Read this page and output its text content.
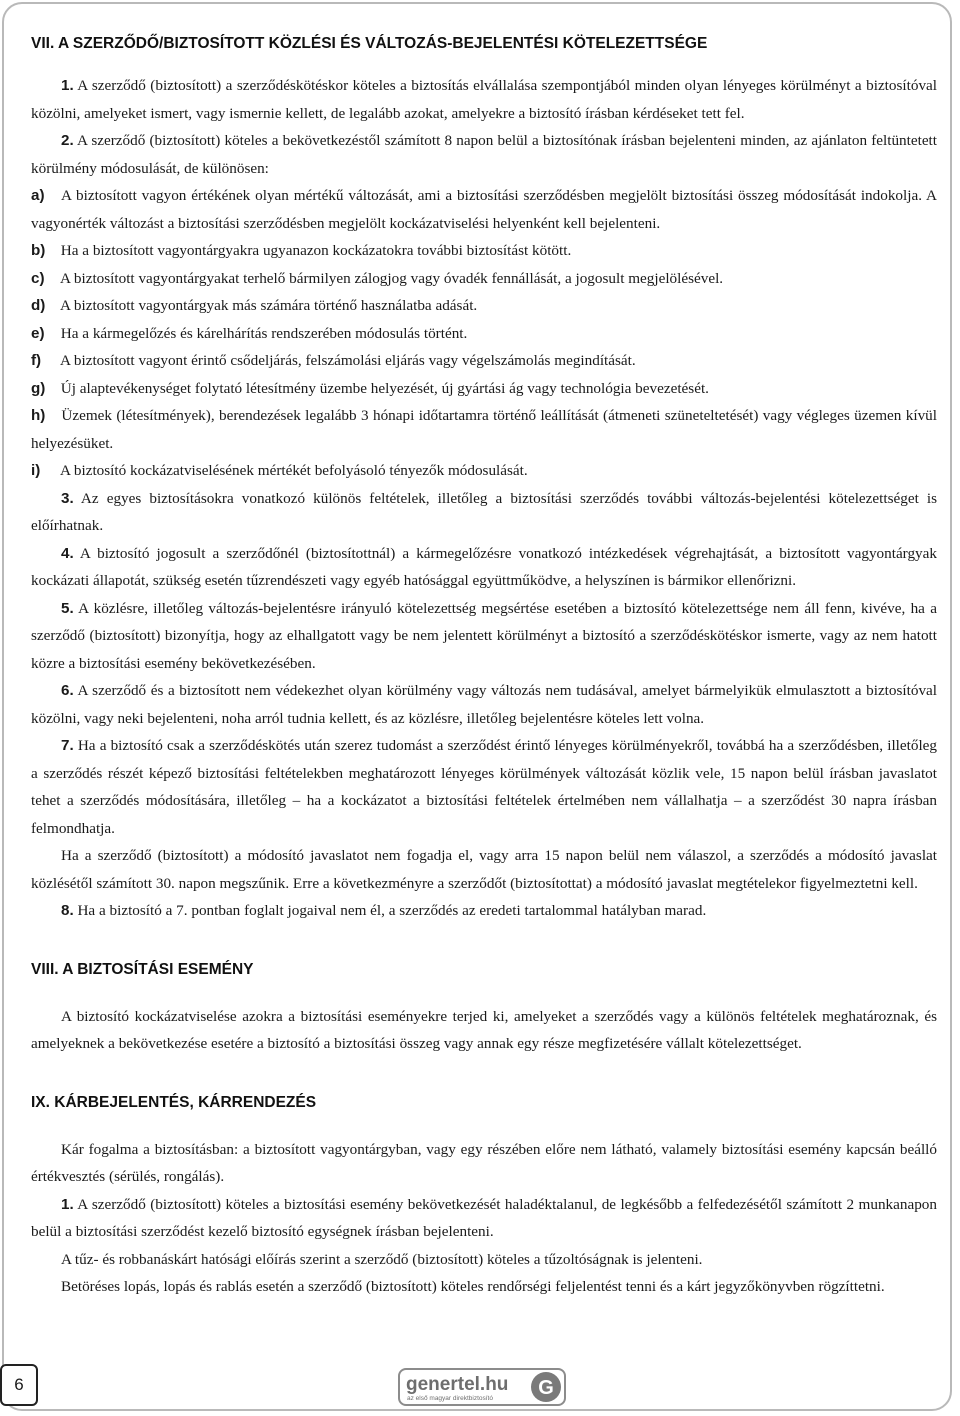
VII. A SZERZŐDŐ/BIZTOSÍTOTT KÖZLÉSI ÉS VÁLTOZÁS-BEJELENTÉSI KÖTELEZETTSÉGE

1. A szerződő (biztosított) a szerződéskötéskor köteles a biztosítás elvállalása szempontjából minden olyan lényeges körülményt a biztosítóval közölni, amelyeket ismert, vagy ismernie kellett, de legalább azokat, amelyekre a biztosító írásban kérdéseket tett fel.

2. A szerződő (biztosított) köteles a bekövetkezéstől számított 8 napon belül a biztosítónak írásban bejelenteni minden, az ajánlaton feltüntetett körülmény módosulását, de különösen:

a) A biztosított vagyon értékének olyan mértékű változását, ami a biztosítási szerződésben megjelölt biztosítási összeg módosítását indokolja. A vagyonérték változást a biztosítási szerződésben megjelölt kockázatviselési helyenként kell bejelenteni.

b) Ha a biztosított vagyontárgyakra ugyanazon kockázatokra további biztosítást kötött.

c) A biztosított vagyontárgyakat terhelő bármilyen zálogjog vagy óvadék fennállását, a jogosult megjelölésével.

d) A biztosított vagyontárgyak más számára történő használatba adását.

e) Ha a kármegelőzés és kárelhárítás rendszerében módosulás történt.

f) A biztosított vagyont érintő csődeljárás, felszámolási eljárás vagy végelszámolás megindítását.

g) Új alaptevékenységet folytató létesítmény üzembe helyezését, új gyártási ág vagy technológia bevezetését.

h) Üzemek (létesítmények), berendezések legalább 3 hónapi időtartamra történő leállítását (átmeneti szüneteltetését) vagy végleges üzemen kívül helyezésüket.

i) A biztosító kockázatviselésének mértékét befolyásoló tényezők módosulását.

3. Az egyes biztosításokra vonatkozó különös feltételek, illetőleg a biztosítási szerződés további változás-bejelentési kötelezettséget is előírhatnak.

4. A biztosító jogosult a szerződőnél (biztosítottnál) a kármegelőzésre vonatkozó intézkedések végrehajtását, a biztosított vagyontárgyak kockázati állapotát, szükség esetén tűzrendészeti vagy egyéb hatósággal együttműködve, a helyszínen is bármikor ellenőrizni.

5. A közlésre, illetőleg változás-bejelentésre irányuló kötelezettség megsértése esetében a biztosító kötelezettsége nem áll fenn, kivéve, ha a szerződő (biztosított) bizonyítja, hogy az elhallgatott vagy be nem jelentett körülményt a biztosító a szerződéskötéskor ismerte, vagy az nem hatott közre a biztosítási esemény bekövetkezésében.

6. A szerződő és a biztosított nem védekezhet olyan körülmény vagy változás nem tudásával, amelyet bármelyikük elmulasztott a biztosítóval közölni, vagy neki bejelenteni, noha arról tudnia kellett, és az közlésre, illetőleg bejelentésre köteles lett volna.

7. Ha a biztosító csak a szerződéskötés után szerez tudomást a szerződést érintő lényeges körülményekről, továbbá ha a szerződésben, illetőleg a szerződés részét képező biztosítási feltételekben meghatározott lényeges körülmények változását közlik vele, 15 napon belül írásban javaslatot tehet a szerződés módosítására, illetőleg – ha a kockázatot a biztosítási feltételek értelmében nem vállalhatja – a szerződést 30 napra írásban felmondhatja.

Ha a szerződő (biztosított) a módosító javaslatot nem fogadja el, vagy arra 15 napon belül nem válaszol, a szerződés a módosító javaslat közlésétől számított 30. napon megszűnik. Erre a következményre a szerződőt (biztosítottat) a módosító javaslat megtételekor figyelmeztetni kell.

8. Ha a biztosító a 7. pontban foglalt jogaival nem él, a szerződés az eredeti tartalommal hatályban marad.

VIII. A BIZTOSÍTÁSI ESEMÉNY

A biztosító kockázatviselése azokra a biztosítási eseményekre terjed ki, amelyeket a szerződés vagy a különös feltételek meghatároznak, és amelyeknek a bekövetkezése esetére a biztosító a biztosítási összeg vagy annak egy része megfizetésére vállalt kötelezettséget.

IX. KÁRBEJELENTÉS, KÁRRENDEZÉS

Kár fogalma a biztosításban: a biztosított vagyontárgyban, vagy egy részében előre nem látható, valamely biztosítási esemény kapcsán beálló értékvesztés (sérülés, rongálás).

1. A szerződő (biztosított) köteles a biztosítási esemény bekövetkezését haladéktalanul, de legkésőbb a felfedezésétől számított 2 munkanapon belül a biztosítási szerződést kezelő biztosító egységnek írásban bejelenteni.

A tűz- és robbanáskárt hatósági előírás szerint a szerződő (biztosított) köteles a tűzoltóságnak is jelenteni.

Betöréses lopás, lopás és rablás esetén a szerződő (biztosított) köteles rendőrségi feljelentést tenni és a kárt jegyzőkönyvben rögzíttetni.

6	genertel.hu
az első magyar direktbiztosító G
